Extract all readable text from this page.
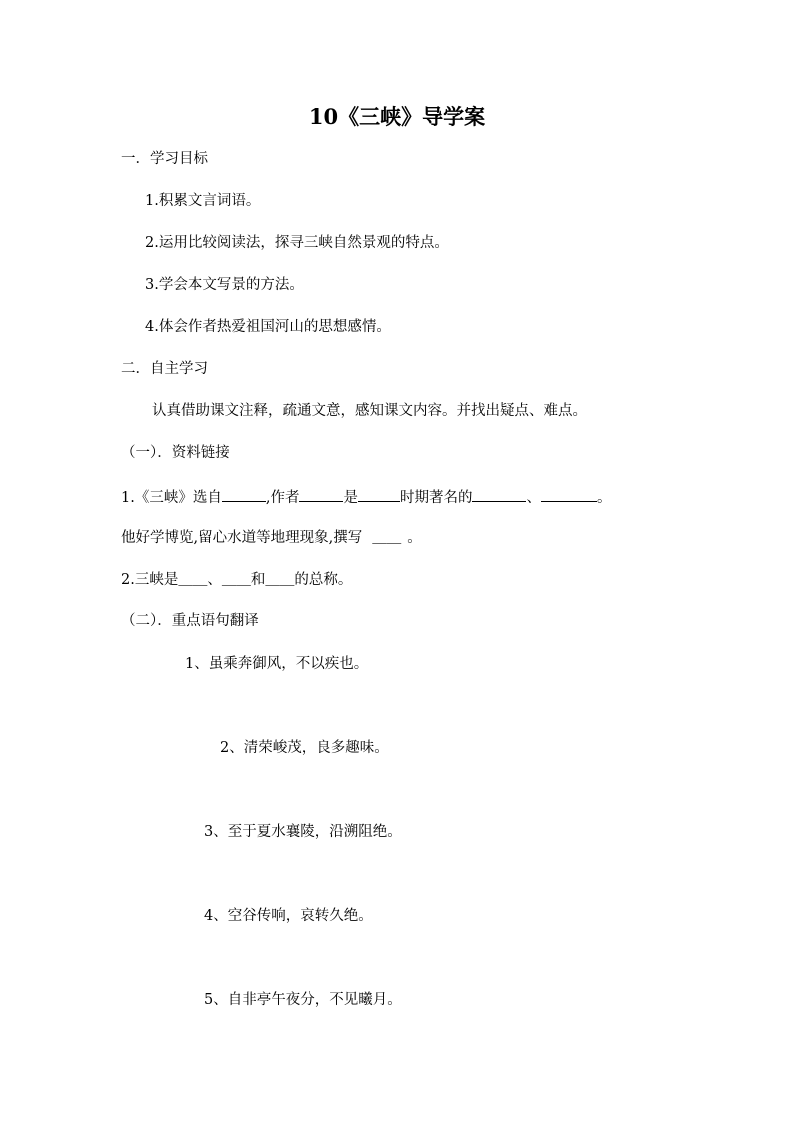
10《三峡》导学案
一．学习目标
1.积累文言词语。
2.运用比较阅读法，探寻三峡自然景观的特点。
3.学会本文写景的方法。
4.体会作者热爱祖国河山的思想感情。
二．自主学习
认真借助课文注释，疏通文意，感知课文内容。并找出疑点、难点。
（一）．资料链接
1.《三峡》选自	,作者	是	时期著名的	、	。
他好学博览,留心水道等地理现象,撰写 ＿＿ 。
2.三峡是＿＿、＿＿和＿＿的总称。
（二）．重点语句翻译
1、虽乘奔御风，不以疾也。
2、清荣峻茂，良多趣味。
3、至于夏水襄陵，沿溯阻绝。
4、空谷传响，哀转久绝。
5、自非亭午夜分，不见曦月。
